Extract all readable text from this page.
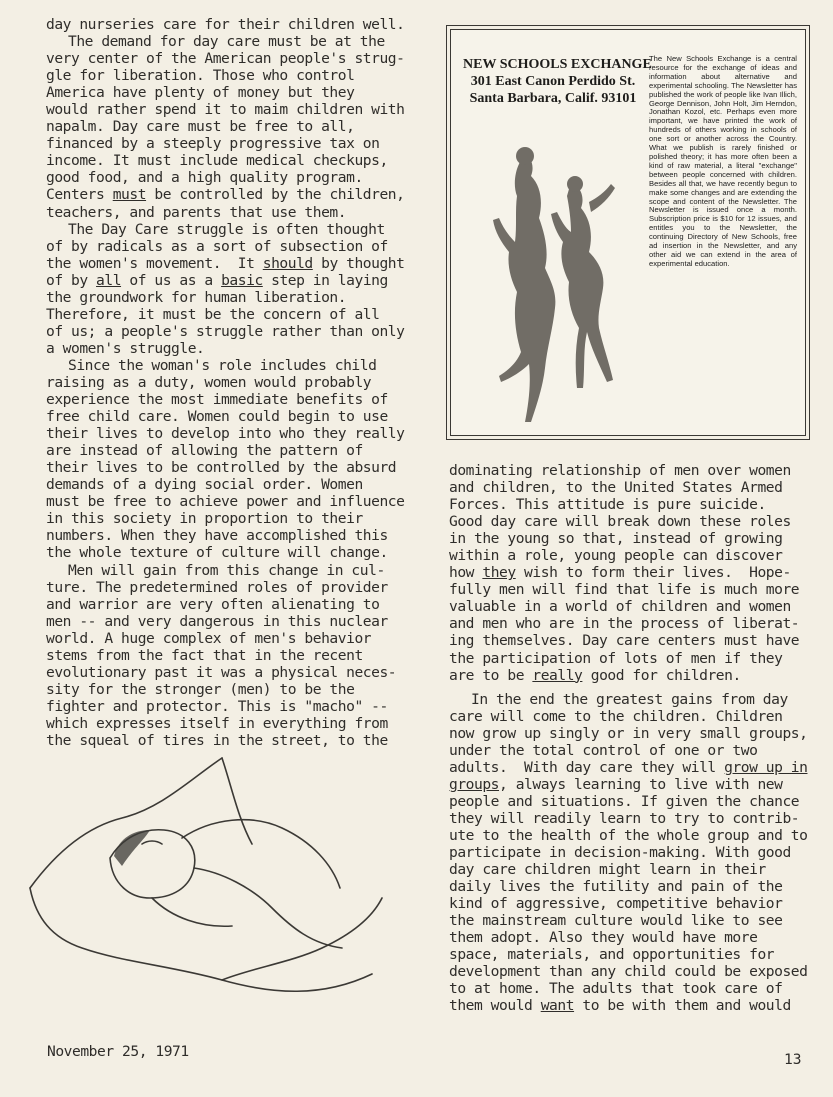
day nurseries care for their children well.
The demand for day care must be at the
very center of the American people's strug-
gle for liberation. Those who control
America have plenty of money but they
would rather spend it to maim children with
napalm. Day care must be free to all,
financed by a steeply progressive tax on
income. It must include medical checkups,
good food, and a high quality program.
Centers must be controlled by the children,
teachers, and parents that use them.
The Day Care struggle is often thought
of by radicals as a sort of subsection of
the women's movement.  It should by thought
of by all of us as a basic step in laying
the groundwork for human liberation.
Therefore, it must be the concern of all
of us; a people's struggle rather than only
a women's struggle.
Since the woman's role includes child
raising as a duty, women would probably
experience the most immediate benefits of
free child care. Women could begin to use
their lives to develop into who they really
are instead of allowing the pattern of
their lives to be controlled by the absurd
demands of a dying social order. Women
must be free to achieve power and influence
in this society in proportion to their
numbers. When they have accomplished this
the whole texture of culture will change.
Men will gain from this change in cul-
ture. The predetermined roles of provider
and warrior are very often alienating to
men -- and very dangerous in this nuclear
world. A huge complex of men's behavior
stems from the fact that in the recent
evolutionary past it was a physical neces-
sity for the stronger (men) to be the
fighter and protector. This is "macho" --
which expresses itself in everything from
the squeal of tires in the street, to the
dominating relationship of men over women
and children, to the United States Armed
Forces. This attitude is pure suicide.
Good day care will break down these roles
in the young so that, instead of growing
within a role, young people can discover
how they wish to form their lives.  Hope-
fully men will find that life is much more
valuable in a world of children and women
and men who are in the process of liberat-
ing themselves. Day care centers must have
the participation of lots of men if they
are to be really good for children.
In the end the greatest gains from day
care will come to the children. Children
now grow up singly or in very small groups,
under the total control of one or two
adults.  With day care they will grow up in
groups, always learning to live with new
people and situations. If given the chance
they will readily learn to try to contrib-
ute to the health of the whole group and to
participate in decision-making. With good
day care children might learn in their
daily lives the futility and pain of the
kind of aggressive, competitive behavior
the mainstream culture would like to see
them adopt. Also they would have more
space, materials, and opportunities for
development than any child could be exposed
to at home. The adults that took care of
them would want to be with them and would
NEW SCHOOLS EXCHANGE
301 East Canon Perdido St.
Santa Barbara, Calif. 93101
The New Schools Exchange is a central resource for the exchange of ideas and information about alternative and experimental schooling. The Newsletter has published the work of people like Ivan Illich, George Dennison, John Holt, Jim Herndon, Jonathan Kozol, etc. Perhaps even more important, we have printed the work of hundreds of others working in schools of one sort or another across the Country. What we publish is rarely finished or polished theory; it has more often been a kind of raw material, a literal "exchange" between people concerned with children. Besides all that, we have recently begun to make some changes and are extending the scope and content of the Newsletter. The Newsletter is issued once a month. Subscription price is $10 for 12 issues, and entitles you to the Newsletter, the continuing Directory of New Schools, free ad insertion in the Newsletter, and any other aid we can extend in the area of experimental education.
November 25, 1971	13
